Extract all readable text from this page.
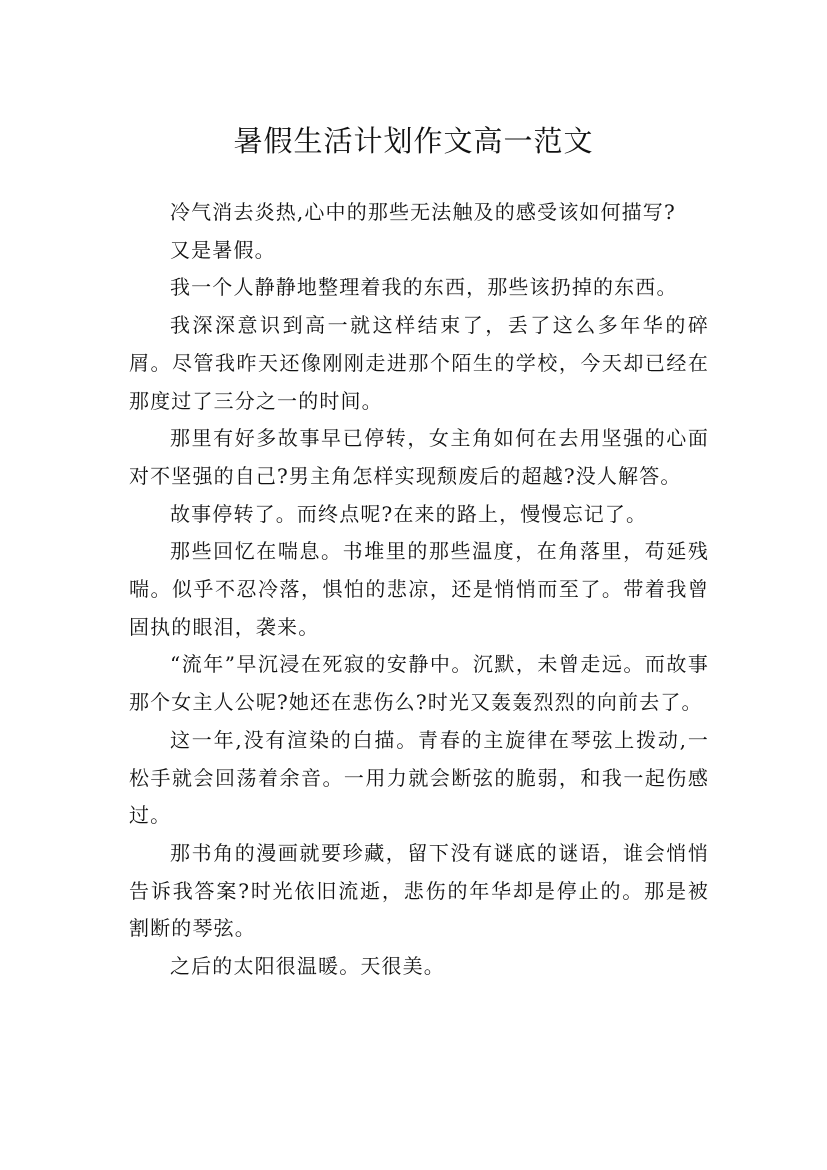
暑假生活计划作文高一范文

冷气消去炎热,心中的那些无法触及的感受该如何描写?

又是暑假。

我一个人静静地整理着我的东西，那些该扔掉的东西。

我深深意识到高一就这样结束了，丢了这么多年华的碎屑。尽管我昨天还像刚刚走进那个陌生的学校，今天却已经在那度过了三分之一的时间。

那里有好多故事早已停转，女主角如何在去用坚强的心面对不坚强的自己?男主角怎样实现颓废后的超越?没人解答。

故事停转了。而终点呢?在来的路上，慢慢忘记了。

那些回忆在喘息。书堆里的那些温度，在角落里，苟延残喘。似乎不忍冷落，惧怕的悲凉，还是悄悄而至了。带着我曾固执的眼泪，袭来。

“流年”早沉浸在死寂的安静中。沉默，未曾走远。而故事那个女主人公呢?她还在悲伤么?时光又轰轰烈烈的向前去了。

这一年,没有渲染的白描。青春的主旋律在琴弦上拨动,一松手就会回荡着余音。一用力就会断弦的脆弱，和我一起伤感过。

那书角的漫画就要珍藏，留下没有谜底的谜语，谁会悄悄告诉我答案?时光依旧流逝，悲伤的年华却是停止的。那是被割断的琴弦。

之后的太阳很温暖。天很美。
